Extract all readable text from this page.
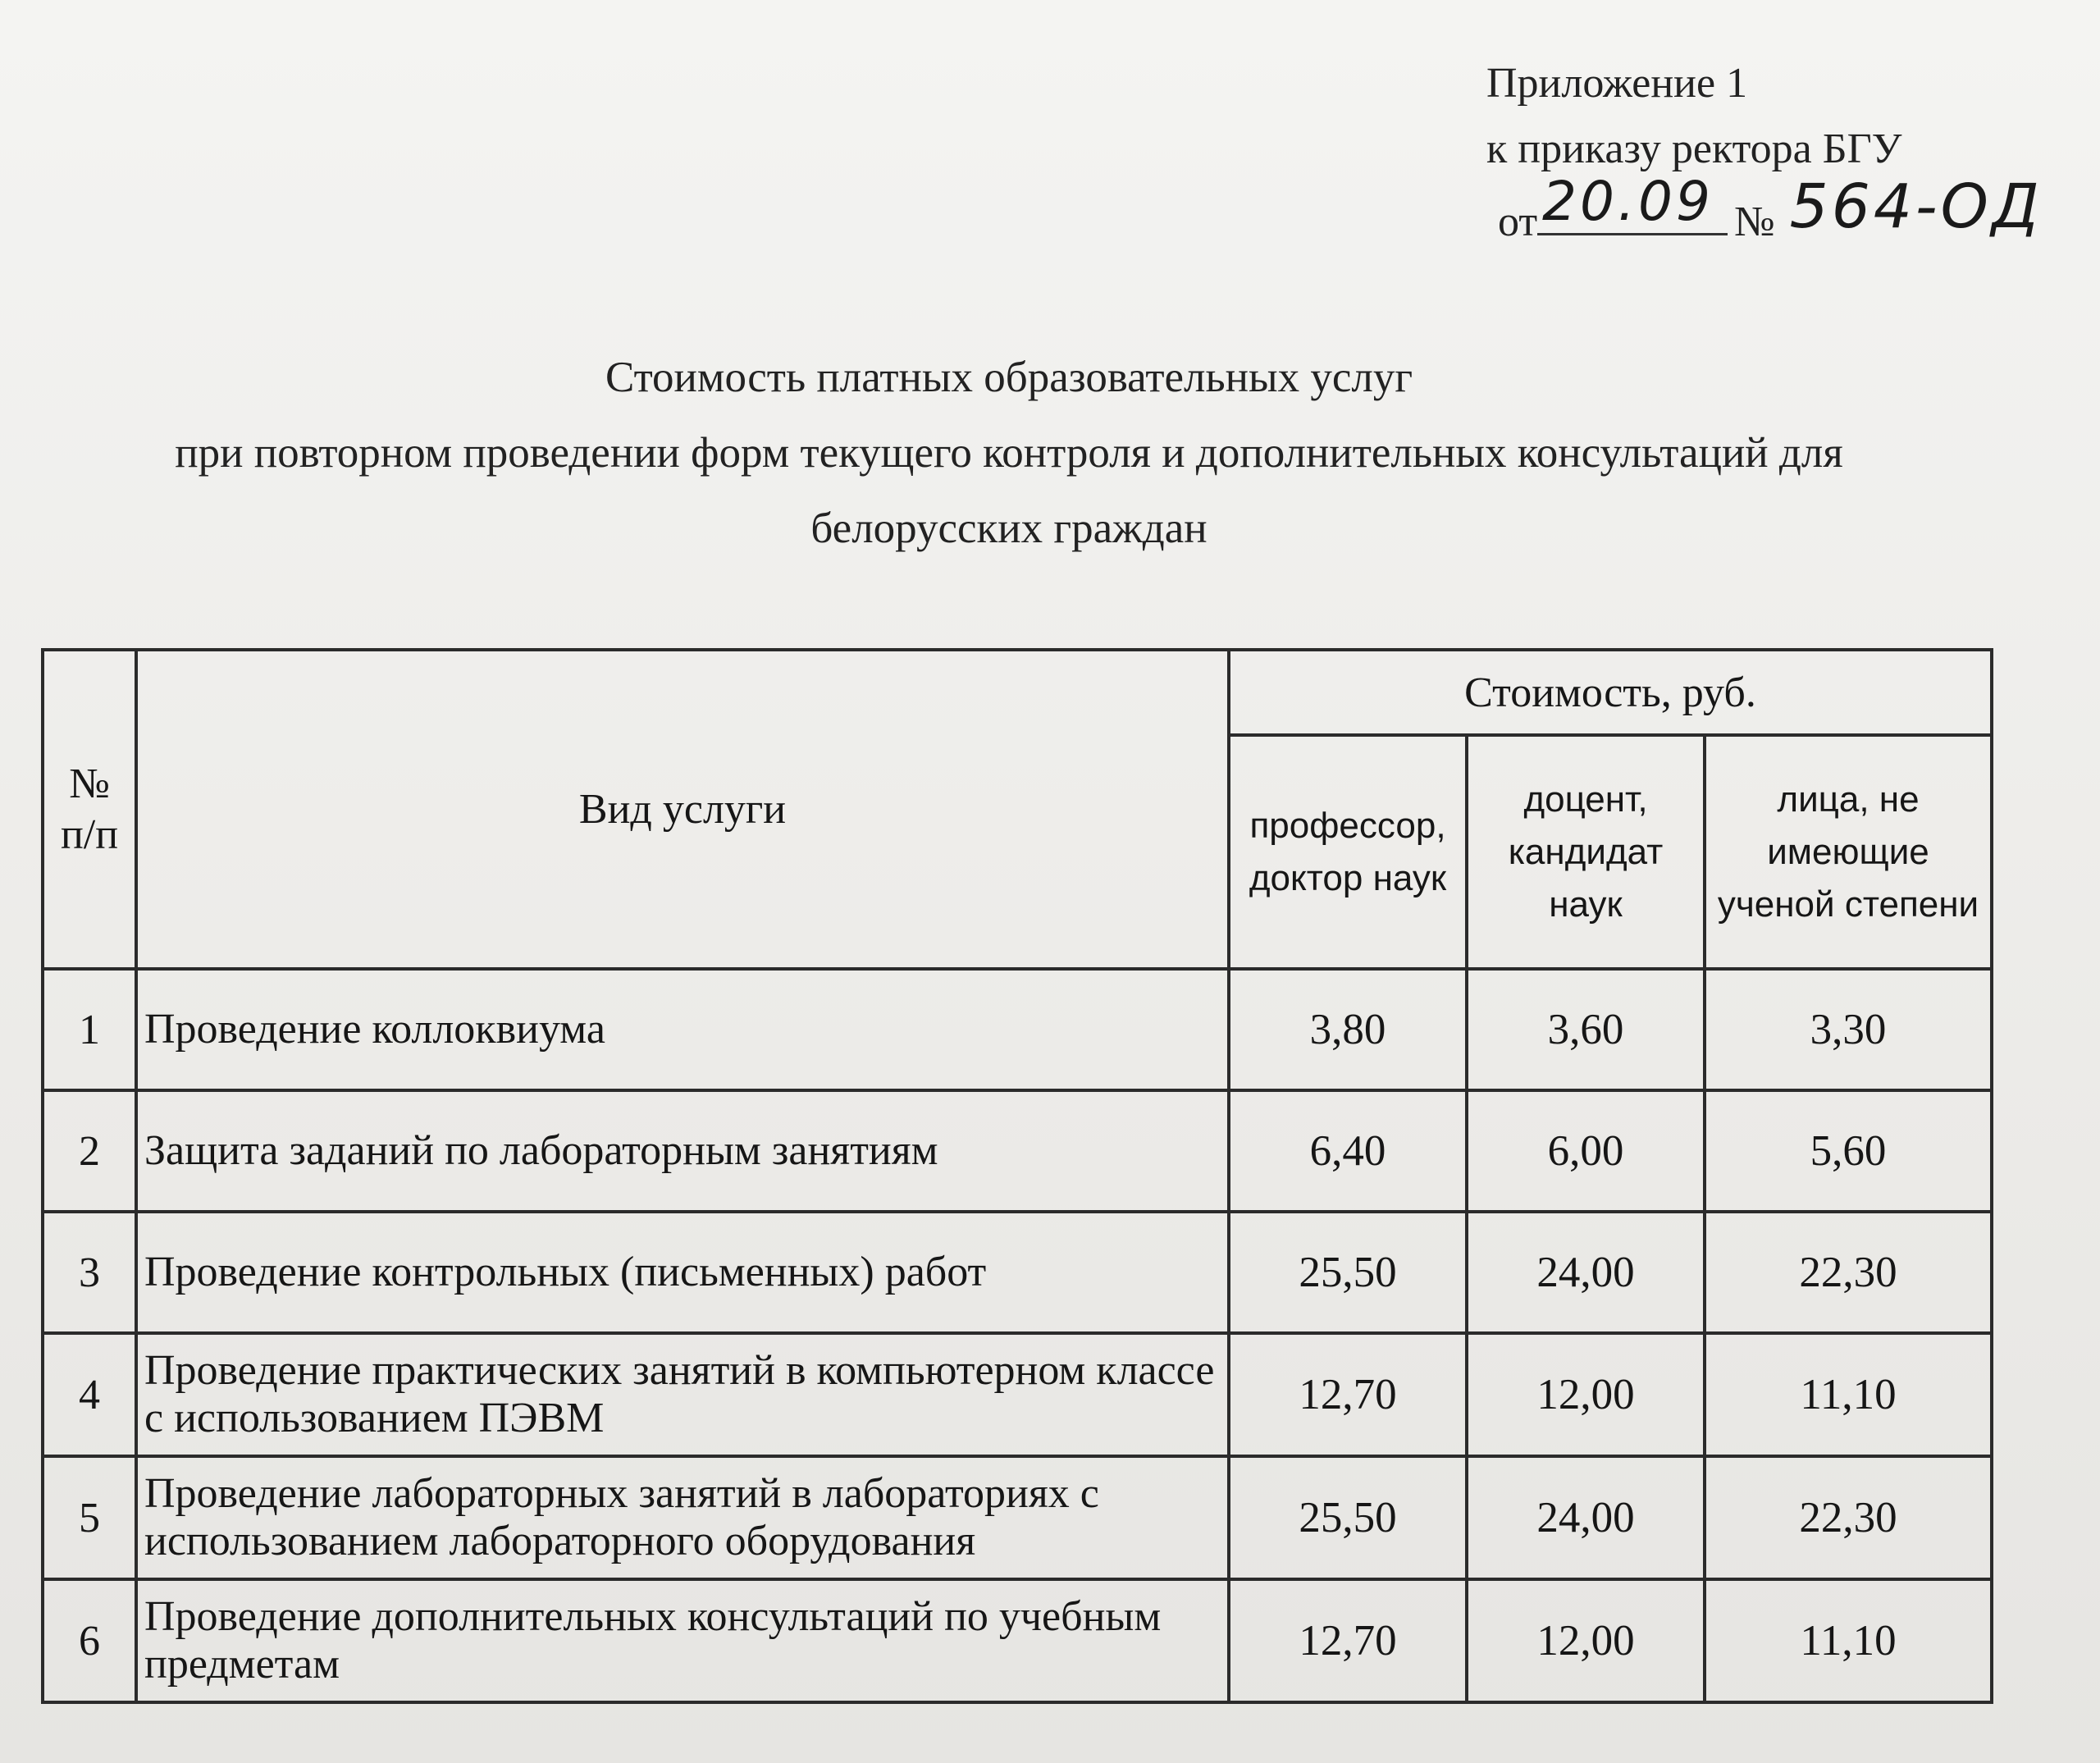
Приложение 1
к приказу ректора БГУ
от 20.09 № 564-ОД
Стоимость платных образовательных услуг
при повторном проведении форм текущего контроля и дополнительных консультаций для
белорусских граждан
№ п/п	Вид услуги	Стоимость, руб.		
		профессор, доктор наук	доцент, кандидат наук	лица, не имеющие ученой степени
1	Проведение коллоквиума	3,80	3,60	3,30
2	Защита заданий по лабораторным занятиям	6,40	6,00	5,60
3	Проведение контрольных (письменных) работ	25,50	24,00	22,30
4	Проведение практических занятий в компьютерном классе с использованием ПЭВМ	12,70	12,00	11,10
5	Проведение лабораторных занятий в лабораториях с использованием лабораторного оборудования	25,50	24,00	22,30
6	Проведение дополнительных консультаций по учебным предметам	12,70	12,00	11,10
